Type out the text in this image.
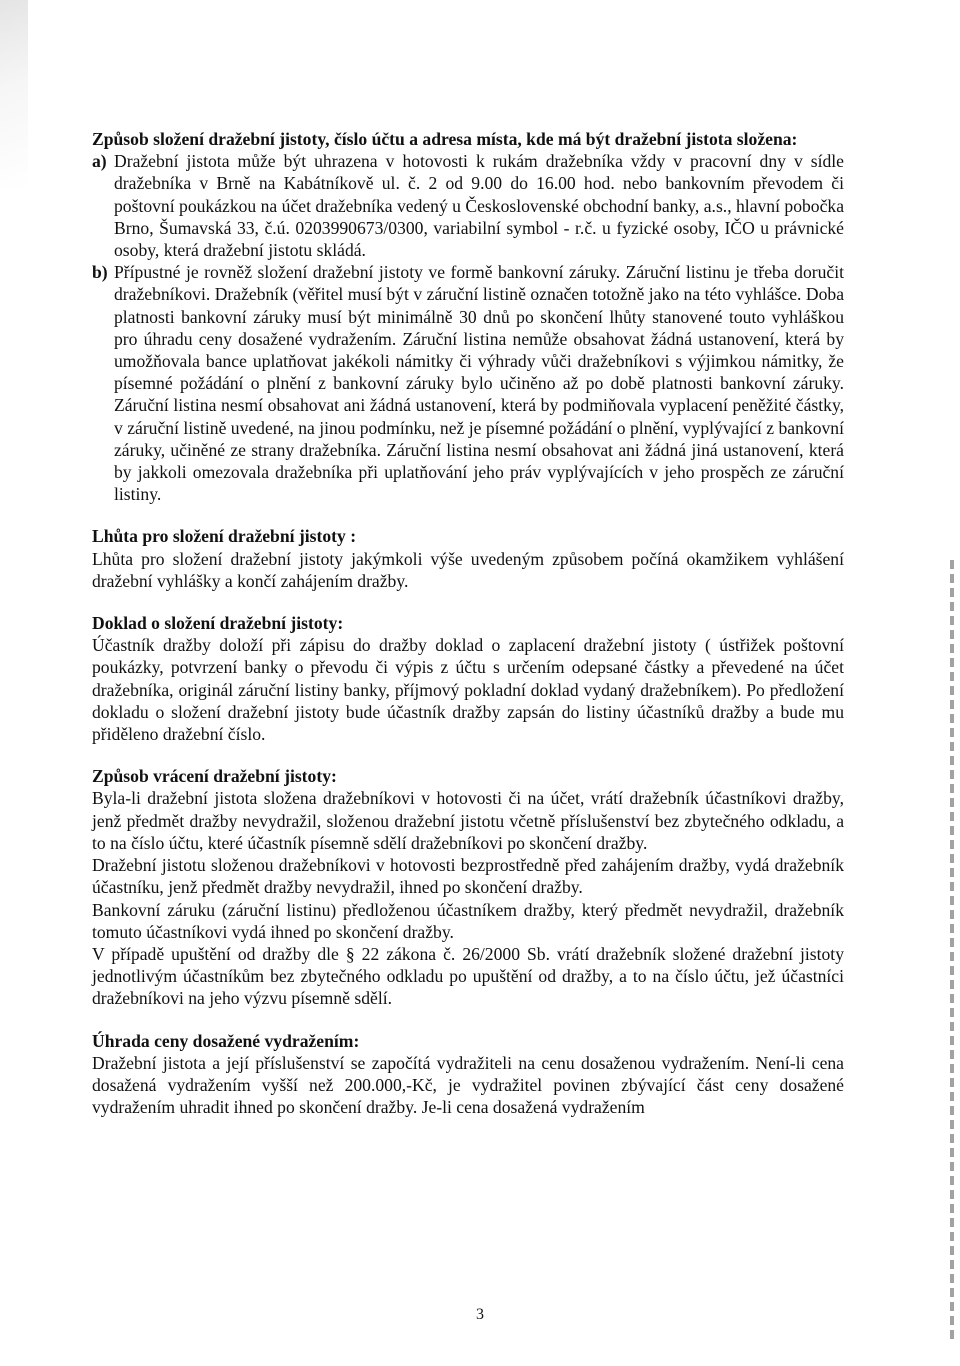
Způsob složení dražební jistoty, číslo účtu a adresa místa, kde má být dražební jistota složena:

a) Dražební jistota může být uhrazena v hotovosti k rukám dražebníka vždy v pracovní dny v sídle dražebníka v Brně na Kabátníkově ul. č. 2 od 9.00 do 16.00 hod. nebo bankovním převodem či poštovní poukázkou na účet dražebníka vedený u Československé obchodní banky, a.s., hlavní pobočka Brno, Šumavská 33, č.ú. 0203990673/0300, variabilní symbol - r.č. u fyzické osoby, IČO u právnické osoby, která dražební jistotu skládá.
b) Přípustné je rovněž složení dražební jistoty ve formě bankovní záruky. Záruční listinu je třeba doručit dražebníkovi. Dražebník (věřitel musí být v záruční listině označen totožně jako na této vyhlášce. Doba platnosti bankovní záruky musí být minimálně 30 dnů po skončení lhůty stanovené touto vyhláškou pro úhradu ceny dosažené vydražením. Záruční listina nemůže obsahovat žádná ustanovení, která by umožňovala bance uplatňovat jakékoli námitky či výhrady vůči dražebníkovi s výjimkou námitky, že písemné požádání o plnění z bankovní záruky bylo učiněno až po době platnosti bankovní záruky. Záruční listina nesmí obsahovat ani žádná ustanovení, která by podmiňovala vyplacení peněžité částky, v záruční listině uvedené, na jinou podmínku, než je písemné požádání o plnění, vyplývající z bankovní záruky, učiněné ze strany dražebníka. Záruční listina nesmí obsahovat ani žádná jiná ustanovení, která by jakkoli omezovala dražebníka při uplatňování jeho práv vyplývajících v jeho prospěch ze záruční listiny.

Lhůta pro složení dražební jistoty :

Lhůta pro složení dražební jistoty jakýmkoli výše uvedeným způsobem počíná okamžikem vyhlášení dražební vyhlášky a končí zahájením dražby.

Doklad o složení dražební jistoty:

Účastník dražby doloží při zápisu do dražby doklad o zaplacení dražební jistoty ( ústřižek poštovní poukázky, potvrzení banky o převodu či výpis z účtu s určením odepsané částky a převedené na účet dražebníka, originál záruční listiny banky, příjmový pokladní doklad vydaný dražebníkem). Po předložení dokladu o složení dražební jistoty bude účastník dražby zapsán do listiny účastníků dražby a bude mu přiděleno dražební číslo.

Způsob vrácení dražební jistoty:

Byla-li dražební jistota složena dražebníkovi v hotovosti či na účet, vrátí dražebník účastníkovi dražby, jenž předmět dražby nevydražil, složenou dražební jistotu včetně příslušenství bez zbytečného odkladu, a to na číslo účtu, které účastník písemně sdělí dražebníkovi po skončení dražby.

Dražební jistotu složenou dražebníkovi v hotovosti bezprostředně před zahájením dražby, vydá dražebník účastníku, jenž předmět dražby nevydražil, ihned po skončení dražby.

Bankovní záruku (záruční listinu) předloženou účastníkem dražby, který předmět nevydražil, dražebník tomuto účastníkovi vydá ihned po skončení dražby.

V případě upuštění od dražby dle § 22 zákona č. 26/2000 Sb. vrátí dražebník složené dražební jistoty jednotlivým účastníkům bez zbytečného odkladu po upuštění od dražby, a to na číslo účtu, jež účastníci dražebníkovi na jeho výzvu písemně sdělí.

Úhrada ceny dosažené vydražením:

Dražební jistota a její příslušenství se započítá vydražiteli na cenu dosaženou vydražením. Není-li cena dosažená vydražením vyšší než 200.000,-Kč, je vydražitel povinen zbývající část ceny dosažené vydražením uhradit ihned po skončení dražby. Je-li cena dosažená vydražením

3
